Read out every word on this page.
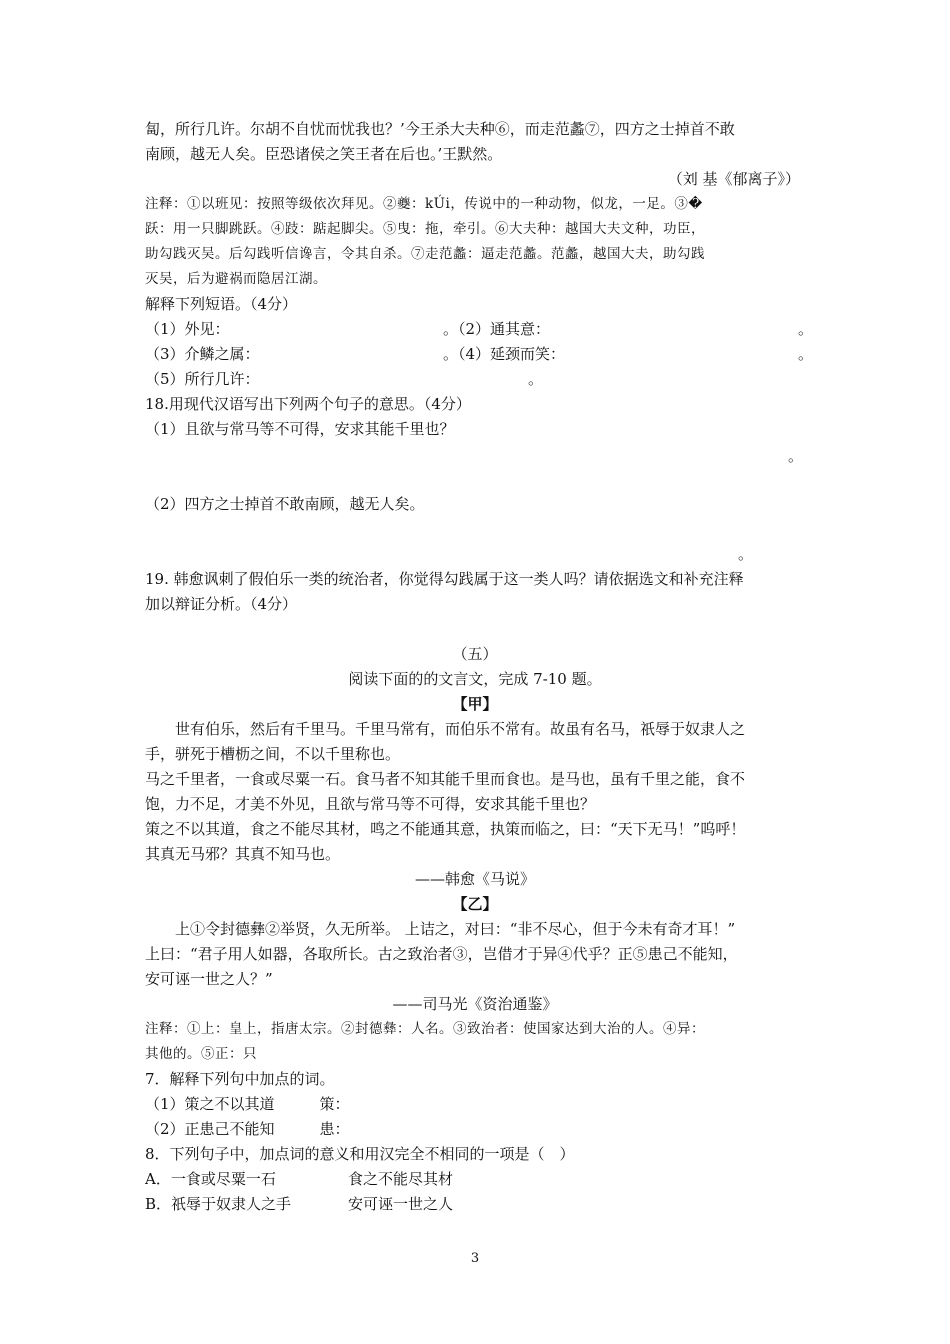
匐，所行几许。尔胡不自忧而忧我也？’今王杀大夫种⑥，而走范蠡⑦，四方之士掉首不敢
南顾，越无人矣。臣恐诸侯之笑王者在后也。’王默然。
（刘 基《郁离子》）
注释：①以班见：按照等级依次拜见。②夔：kÚi，传说中的一种动物，似龙，一足。③�
跃：用一只脚跳跃。④跂：踮起脚尖。⑤曳：拖，牵引。⑥大夫种：越国大夫文种，功臣，
助勾践灭吴。后勾践听信谗言，令其自杀。⑦走范蠡：逼走范蠡。范蠡，越国大夫，助勾践
灭吴，后为避祸而隐居江湖。
解释下列短语。（4分）
（1）外见：	。（2）通其意：	。
（3）介鳞之属：	。（4）延颈而笑：	。
（5）所行几许：	。
18.用现代汉语写出下列两个句子的意思。（4分）
（1）且欲与常马等不可得，安求其能千里也？
。
（2）四方之士掉首不敢南顾，越无人矣。
。
19. 韩愈讽刺了假伯乐一类的统治者，你觉得勾践属于这一类人吗？请依据选文和补充注释
加以辩证分析。（4分）
（五）
阅读下面的的文言文，完成 7-10 题。
【甲】
世有伯乐，然后有千里马。千里马常有，而伯乐不常有。故虽有名马，祇辱于奴隶人之
手，骈死于槽枥之间，不以千里称也。
马之千里者，一食或尽粟一石。食马者不知其能千里而食也。是马也，虽有千里之能，食不
饱，力不足，才美不外见，且欲与常马等不可得，安求其能千里也？
策之不以其道，食之不能尽其材，鸣之不能通其意，执策而临之，曰：“天下无马！”呜呼！
其真无马邪？其真不知马也。
——韩愈《马说》
【乙】
上①令封德彝②举贤，久无所举。 上诘之，对曰：“非不尽心，但于今未有奇才耳！”
上曰：“君子用人如器，各取所长。古之致治者③，岂借才于异④代乎？正⑤患己不能知，
安可诬一世之人？”
——司马光《资治通鉴》
注释：①上：皇上，指唐太宗。②封德彝：人名。③致治者：使国家达到大治的人。④异：
其他的。⑤正：只
7．解释下列句中加点的词。
（1）策之不以其道　　　策：
（2）正患己不能知　　　患：
8．下列句子中，加点词的意义和用汉完全不相同的一项是（　）
A．一食或尽粟一石	食之不能尽其材
B．祇辱于奴隶人之手	安可诬一世之人
3
